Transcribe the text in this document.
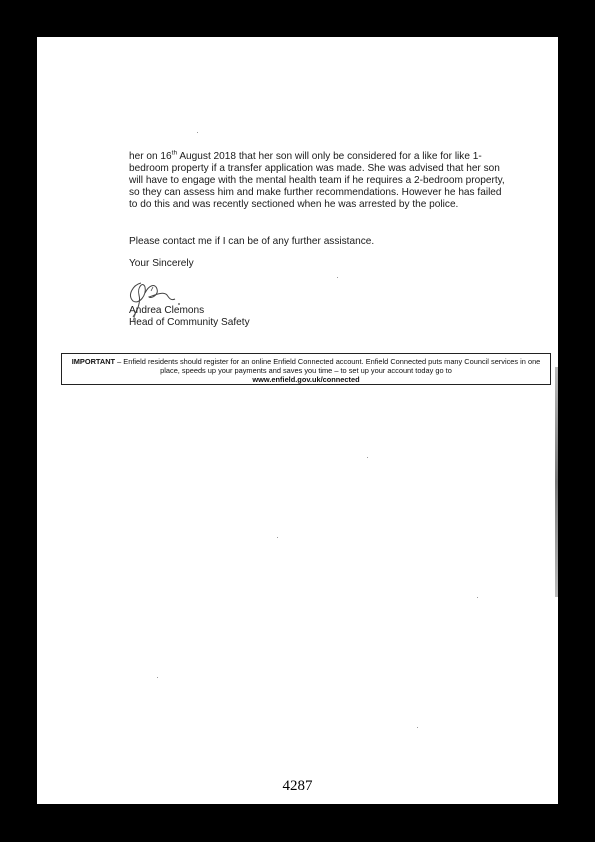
her on 16th August 2018 that her son will only be considered for a like for like 1-bedroom property if a transfer application was made. She was advised that her son will have to engage with the mental health team if he requires a 2-bedroom property, so they can assess him and make further recommendations. However he has failed to do this and was recently sectioned when he was arrested by the police.

Please contact me if I can be of any further assistance.
Your Sincerely
Andrea Clemons
Head of Community Safety
IMPORTANT – Enfield residents should register for an online Enfield Connected account. Enfield Connected puts many Council services in one place, speeds up your payments and saves you time – to set up your account today go to
www.enfield.gov.uk/connected
4287
